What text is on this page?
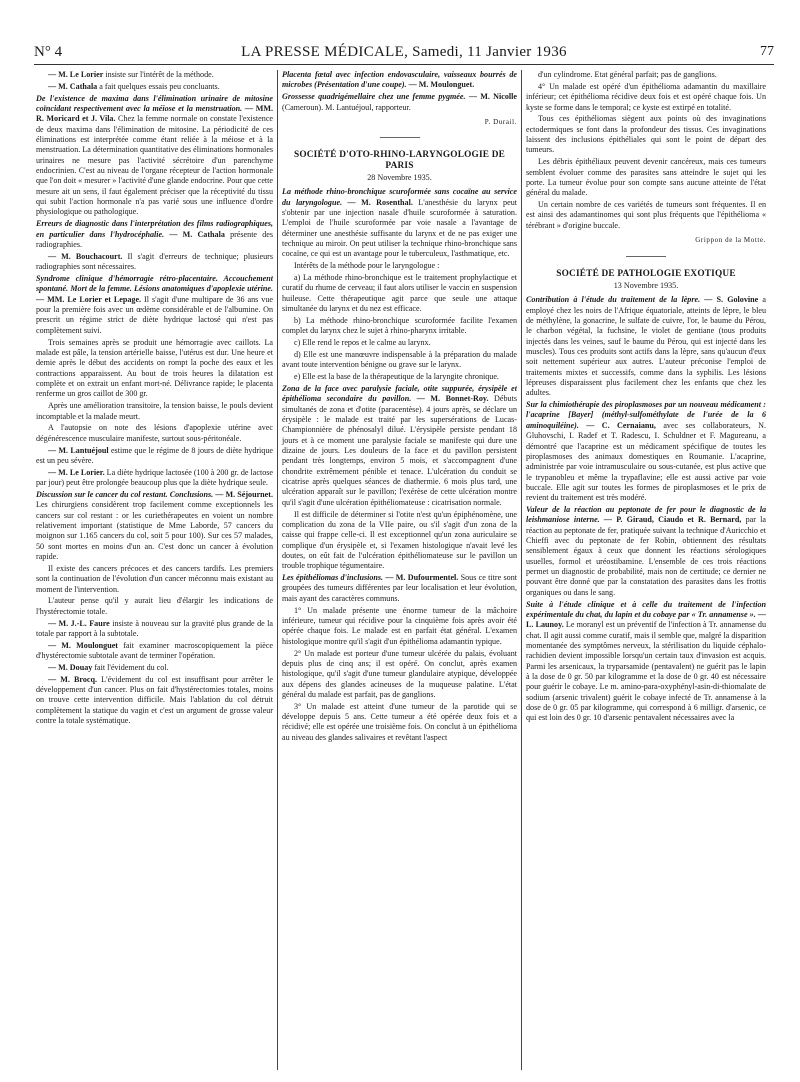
N° 4	LA PRESSE MÉDICALE, Samedi, 11 Janvier 1936	77

— M. Le Lorier insiste sur l'intérêt de la méthode.

— M. Cathala a fait quelques essais peu concluants.

De l'existence de maxima dans l'élimination urinaire de mitosine coïncidant respectivement avec la méiose et la menstruation. — MM. R. Moricard et J. Vila. Chez la femme normale on constate l'existence de deux maxima dans l'élimination de mitosine. La périodicité de ces éliminations est interprétée comme étant reliée à la méiose et à la menstruation. La détermination quantitative des éliminations hormonales urinaires ne mesure pas l'activité sécrétoire d'un parenchyme endocrinien. C'est au niveau de l'organe récepteur de l'action hormonale que l'on doit « mesurer » l'activité d'une glande endocrine. Pour que cette mesure ait un sens, il faut également préciser que la réceptivité du tissu qui subit l'action hormonale n'a pas varié sous une influence d'ordre physiologique ou pathologique.

Erreurs de diagnostic dans l'interprétation des films radiographiques, en particulier dans l'hydrocéphalie. — M. Cathala présente des radiographies.

— M. Bouchacourt. Il s'agit d'erreurs de technique; plusieurs radiographies sont nécessaires.

Syndrome clinique d'hémorragie rétro-placentaire. Accouchement spontané. Mort de la femme. Lésions anatomiques d'apoplexie utérine. — MM. Le Lorier et Lepage. Il s'agit d'une multipare de 36 ans vue pour la première fois avec un œdème considérable et de l'albumine. On prescrit un régime strict de diète hydrique lactosé qui n'est pas complètement suivi.

Trois semaines après se produit une hémorragie avec caillots. La malade est pâle, la tension artérielle baisse, l'utérus est dur. Une heure et demie après le début des accidents on rompt la poche des eaux et les contractions apparaissent. Au bout de trois heures la dilatation est complète et on extrait un enfant mort-né. Délivrance rapide; le placenta renferme un gros caillot de 300 gr.

Après une amélioration transitoire, la tension baisse, le pouls devient incomptable et la malade meurt.

A l'autopsie on note des lésions d'apoplexie utérine avec dégénérescence musculaire manifeste, surtout sous-péritonéale.

— M. Lantuéjoul estime que le régime de 8 jours de diète hydrique est un peu sévère.

— M. Le Lorier. La diète hydrique lactosée (100 à 200 gr. de lactose par jour) peut être prolongée beaucoup plus que la diète hydrique seule.

Discussion sur le cancer du col restant. Conclusions. — M. Séjournet. Les chirurgiens considèrent trop facilement comme exceptionnels les cancers sur col restant : or les curiethérapeutes en voient un nombre relativement important (statistique de Mme Laborde, 57 cancers du moignon sur 1.165 cancers du col, soit 5 pour 100). Sur ces 57 malades, 50 sont mortes en moins d'un an. C'est donc un cancer à évolution rapide.

Il existe des cancers précoces et des cancers tardifs. Les premiers sont la continuation de l'évolution d'un cancer méconnu mais existant au moment de l'intervention.

L'auteur pense qu'il y aurait lieu d'élargir les indications de l'hystérectomie totale.

— M. J.-L. Faure insiste à nouveau sur la gravité plus grande de la totale par rapport à la subtotale.

— M. Moulonguet fait examiner macroscopiquement la pièce d'hystérectomie subtotale avant de terminer l'opération.

— M. Douay fait l'évidement du col.

— M. Brocq. L'évidement du col est insuffisant pour arrêter le développement d'un cancer. Plus on fait d'hystérectomies totales, moins on trouve cette intervention difficile. Mais l'ablation du col détruit complètement la statique du vagin et c'est un argument de grosse valeur contre la totale systématique.

Placenta fœtal avec infection endovasculaire, vaisseaux bourrés de microbes (Présentation d'une coupe). — M. Moulonguet.

Grossesse quadrigémellaire chez une femme pygmée. — M. Nicolle (Cameroun). M. Lantuéjoul, rapporteur.

P. Durail.
SOCIÉTÉ D'OTO-RHINO-LARYNGOLOGIE DE PARIS
28 Novembre 1935.

La méthode rhino-bronchique scuroformée sans cocaïne au service du laryngologue. — M. Rosenthal. L'anesthésie du larynx peut s'obtenir par une injection nasale d'huile scuroformée à saturation. L'emploi de l'huile scuroformée par voie nasale a l'avantage de déterminer une anesthésie suffisante du larynx et de ne pas exiger une technique au miroir. On peut utiliser la technique rhino-bronchique sans cocaïne, ce qui est un avantage pour le tuberculeux, l'asthmatique, etc.

Intérêts de la méthode pour le laryngologue :

a) La méthode rhino-bronchique est le traitement prophylactique et curatif du rhume de cerveau; il faut alors utiliser le vaccin en suspension huileuse. Cette thérapeutique agit parce que seule une attaque simultanée du larynx et du nez est efficace.

b) La méthode rhino-bronchique scuroformée facilite l'examen complet du larynx chez le sujet à rhino-pharynx irritable.

c) Elle rend le repos et le calme au larynx.

d) Elle est une manœuvre indispensable à la préparation du malade avant toute intervention bénigne ou grave sur le larynx.

e) Elle est la base de la thérapeutique de la laryngite chronique.

Zona de la face avec paralysie faciale, otite suppurée, érysipèle et épithélioma secondaire du pavillon. — M. Bonnet-Roy. Débuts simultanés de zona et d'otite (paracentèse). 4 jours après, se déclare un érysipèle : le malade est traité par les supersérations de Lucas-Championnière de phénosalyl dilué. L'érysipèle persiste pendant 18 jours et à ce moment une paralysie faciale se manifeste qui dure une dizaine de jours. Les douleurs de la face et du pavillon persistent pendant très longtemps, environ 5 mois, et s'accompagnent d'une chondrite extrêmement pénible et tenace. L'ulcération du conduit se cicatrise après quelques séances de diathermie. 6 mois plus tard, une ulcération apparaît sur le pavillon; l'exérèse de cette ulcération montre qu'il s'agit d'une ulcération épithéliomateuse : cicatrisation normale.

Il est difficile de déterminer si l'otite n'est qu'un épiphénomène, une complication du zona de la VIIe paire, ou s'il s'agit d'un zona de la caisse qui frappe celle-ci. Il est exceptionnel qu'un zona auriculaire se complique d'un érysipèle et, si l'examen histologique n'avait levé les doutes, on eût fait de l'ulcération épithéliomateuse sur le pavillon un trouble trophique tégumentaire.

Les épithéliomas d'inclusions. — M. Dufourmentel. Sous ce titre sont groupées des tumeurs différentes par leur localisation et leur évolution, mais ayant des caractères communs.

1° Un malade présente une énorme tumeur de la mâchoire inférieure, tumeur qui récidive pour la cinquième fois après avoir été opérée chaque fois. Le malade est en parfait état général. L'examen histologique montre qu'il s'agit d'un épithélioma adamantin typique.

2° Un malade est porteur d'une tumeur ulcérée du palais, évoluant depuis plus de cinq ans; il est opéré. On conclut, après examen histologique, qu'il s'agit d'une tumeur glandulaire atypique, développée aux dépens des glandes acineuses de la muqueuse palatine. L'état général du malade est parfait, pas de ganglions.

3° Un malade est atteint d'une tumeur de la parotide qui se développe depuis 5 ans. Cette tumeur a été opérée deux fois et a récidivé; elle est opérée une troisième fois. On conclut à un épithélioma au niveau des glandes salivaires et revêtant l'aspect

d'un cylindrome. Etat général parfait; pas de ganglions.

4° Un malade est opéré d'un épithélioma adamantin du maxillaire inférieur; cet épithélioma récidive deux fois et est opéré chaque fois. Un kyste se forme dans le temporal; ce kyste est extirpé en totalité.

Tous ces épithéliomas siègent aux points où des invaginations ectodermiques se font dans la profondeur des tissus. Ces invaginations laissent des inclusions épithéliales qui sont le point de départ des tumeurs.

Les débris épithéliaux peuvent devenir cancéreux, mais ces tumeurs semblent évoluer comme des parasites sans atteindre le sujet qui les porte. La tumeur évolue pour son compte sans aucune atteinte de l'état général du malade.

Un certain nombre de ces variétés de tumeurs sont fréquentes. Il en est ainsi des adamantinomes qui sont plus fréquents que l'épithélioma « térébrant » d'origine buccale.

Grippon de la Motte.
SOCIÉTÉ DE PATHOLOGIE EXOTIQUE
13 Novembre 1935.

Contribution à l'étude du traitement de la lèpre. — S. Golovine a employé chez les noirs de l'Afrique équatoriale, atteints de lèpre, le bleu de méthylène, la gonacrine, le sulfate de cuivre, l'or, le baume du Pérou, le charbon végétal, la fuchsine, le violet de gentiane (tous produits injectés dans les veines, sauf le baume du Pérou, qui est injecté dans les muscles). Tous ces produits sont actifs dans la lèpre, sans qu'aucun d'eux soit nettement supérieur aux autres. L'auteur préconise l'emploi de traitements mixtes et successifs, comme dans la syphilis. Les lésions lépreuses disparaissent plus facilement chez les enfants que chez les adultes.

Sur la chimiothérapie des piroplasmoses par un nouveau médicament : l'acaprine [Bayer] (méthyl-sulfométhylate de l'urée de la 6 aminoquiléine). — C. Cernaianu, avec ses collaborateurs, N. Gluhovschi, I. Radef et T. Radescu, I. Schuldner et F. Magureanu, a démontré que l'acaprine est un médicament spécifique de toutes les piroplasmoses des animaux domestiques en Roumanie. L'acaprine, administrée par voie intramusculaire ou sous-cutanée, est plus active que le trypanobleu et même la trypaflavine; elle est aussi active par voie buccale. Elle agit sur toutes les formes de piroplasmoses et le prix de revient du traitement est très modéré.

Valeur de la réaction au peptonate de fer pour le diagnostic de la leishmaniose interne. — P. Giraud, Ciaudo et R. Bernard, par la réaction au peptonate de fer, pratiquée suivant la technique d'Auricchio et Chieffi avec du peptonate de fer Robin, obtiennent des résultats sensiblement égaux à ceux que donnent les réactions sérologiques usuelles, formol et uréostibamine. L'ensemble de ces trois réactions permet un diagnostic de probabilité, mais non de certitude; ce dernier ne pouvant être donné que par la constatation des parasites dans les frottis organiques ou dans le sang.

Suite à l'étude clinique et à celle du traitement de l'infection expérimentale du chat, du lapin et du cobaye par « Tr. annamense ». — L. Launoy. Le moranyl est un préventif de l'infection à Tr. annamense du chat. Il agit aussi comme curatif, mais il semble que, malgré la disparition momentanée des symptômes nerveux, la stérilisation du liquide céphalo-rachidien devient impossible lorsqu'un certain taux d'invasion est acquis. Parmi les arsenicaux, la tryparsamide (pentavalent) ne guérit pas le lapin à la dose de 0 gr. 50 par kilogramme et la dose de 0 gr. 40 est nécessaire pour guérir le cobaye. Le m. amino-para-oxyphényl-asin-di-thiomalate de sodium (arsenic trivalent) guérit le cobaye infecté de Tr. annamense à la dose de 0 gr. 05 par kilogramme, qui correspond à 6 milligr. d'arsenic, ce qui est loin des 0 gr. 10 d'arsenic pentavalent nécessaires avec la
